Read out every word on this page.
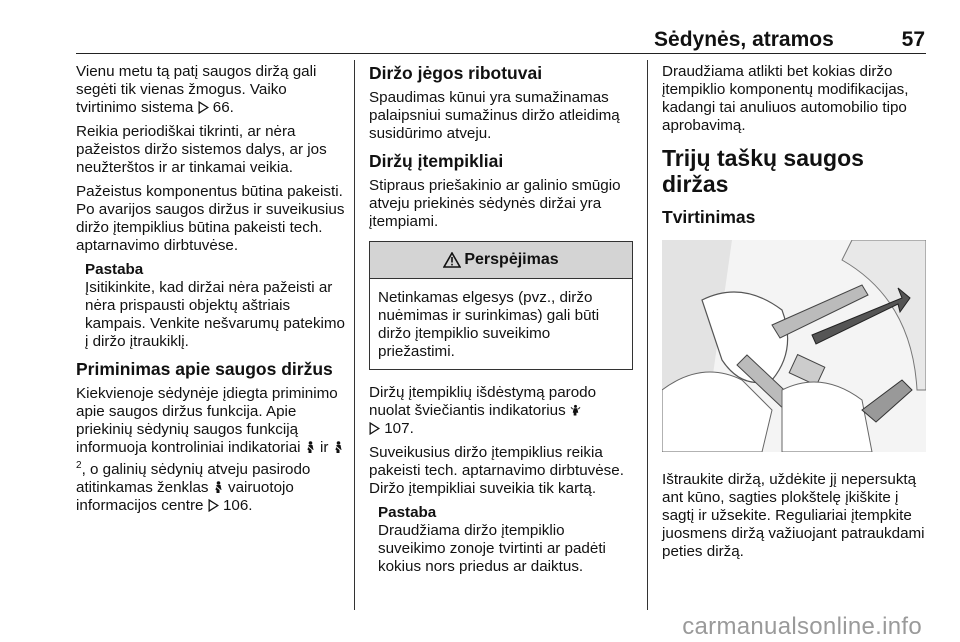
Sėdynės, atramos	57

Vienu metu tą patį saugos diržą gali segėti tik vienas žmogus. Vaiko tvirtinimo sistema 66.

Reikia periodiškai tikrinti, ar nėra pažeistos diržo sistemos dalys, ar jos neužterštos ir ar tinkamai veikia.

Pažeistus komponentus būtina pakeisti. Po avarijos saugos diržus ir suveikusius diržo įtempiklius būtina pakeisti tech. aptarnavimo dirbtuvėse.

Pastaba

Įsitikinkite, kad diržai nėra pažeisti ar nėra prispausti objektų aštriais kampais. Venkite nešvarumų patekimo į diržo įtraukiklį.

Priminimas apie saugos diržus

Kiekvienoje sėdynėje įdiegta priminimo apie saugos diržus funkcija. Apie priekinių sėdynių saugos funkciją informuoja kontroliniai indikatoriai ir $^2$, o galinių sėdynių atveju pasirodo atitinkamas ženklas vairuotojo informacijos centre 106.

Diržo jėgos ribotuvai

Spaudimas kūnui yra sumažinamas palaipsniui sumažinus diržo atleidimą susidūrimo atveju.

Diržų įtempikliai

Stipraus priešakinio ar galinio smūgio atveju priekinės sėdynės diržai yra įtempiami.

Perspėjimas
Netinkamas elgesys (pvz., diržo nuėmimas ir surinkimas) gali būti diržo įtempiklio suveikimo priežastimi.

Diržų įtempiklių išdėstymą parodo nuolat šviečiantis indikatorius
107.

Suveikusius diržo įtempiklius reikia pakeisti tech. aptarnavimo dirbtuvėse. Diržo įtempikliai suveikia tik kartą.

Pastaba

Draudžiama diržo įtempiklio suveikimo zonoje tvirtinti ar padėti kokius nors priedus ar daiktus.

Draudžiama atlikti bet kokias diržo įtempiklio komponentų modifikacijas, kadangi tai anuliuos automobilio tipo aprobavimą.

Trijų taškų saugos diržas
Tvirtinimas

Ištraukite diržą, uždėkite jį nepersuktą ant kūno, sagties plokštelę įkiškite į sagtį ir užsekite. Reguliariai įtempkite juosmens diržą važiuojant patraukdami peties diržą.

carmanualsonline.info
